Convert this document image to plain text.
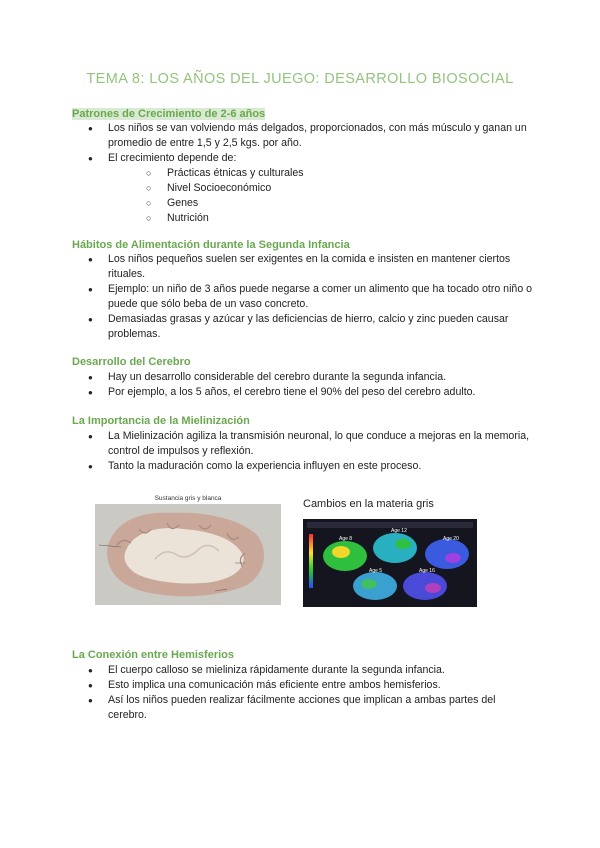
TEMA 8: LOS AÑOS DEL JUEGO: DESARROLLO BIOSOCIAL
Patrones de Crecimiento de 2-6 años
● Los niños se van volviendo más delgados, proporcionados, con más músculo y ganan un promedio de entre 1,5 y 2,5 kgs. por año.
● El crecimiento depende de:
○ Prácticas étnicas y culturales
○ Nivel Socioeconómico
○ Genes
○ Nutrición
Hábitos de Alimentación durante la Segunda Infancia
● Los niños pequeños suelen ser exigentes en la comida e insisten en mantener ciertos rituales.
● Ejemplo: un niño de 3 años puede negarse a comer un alimento que ha tocado otro niño o puede que sólo beba de un vaso concreto.
● Demasiadas grasas y azúcar y las deficiencias de hierro, calcio y zinc pueden causar problemas.
Desarrollo del Cerebro
● Hay un desarrollo considerable del cerebro durante la segunda infancia.
● Por ejemplo, a los 5 años, el cerebro tiene el 90% del peso del cerebro adulto.
La Importancia de la Mielinización
● La Mielinización agiliza la transmisión neuronal, lo que conduce a mejoras en la memoria, control de impulsos y reflexión.
● Tanto la maduración como la experiencia influyen en este proceso.
Sustancia gris y blanca	Cambios en la materia gris
Age 8
Age 12
Age 20
Age 5	Age 16
La Conexión entre Hemisferios
● El cuerpo calloso se mieliniza rápidamente durante la segunda infancia.
● Esto implica una comunicación más eficiente entre ambos hemisferios.
● Así los niños pueden realizar fácilmente acciones que implican a ambas partes del cerebro.
